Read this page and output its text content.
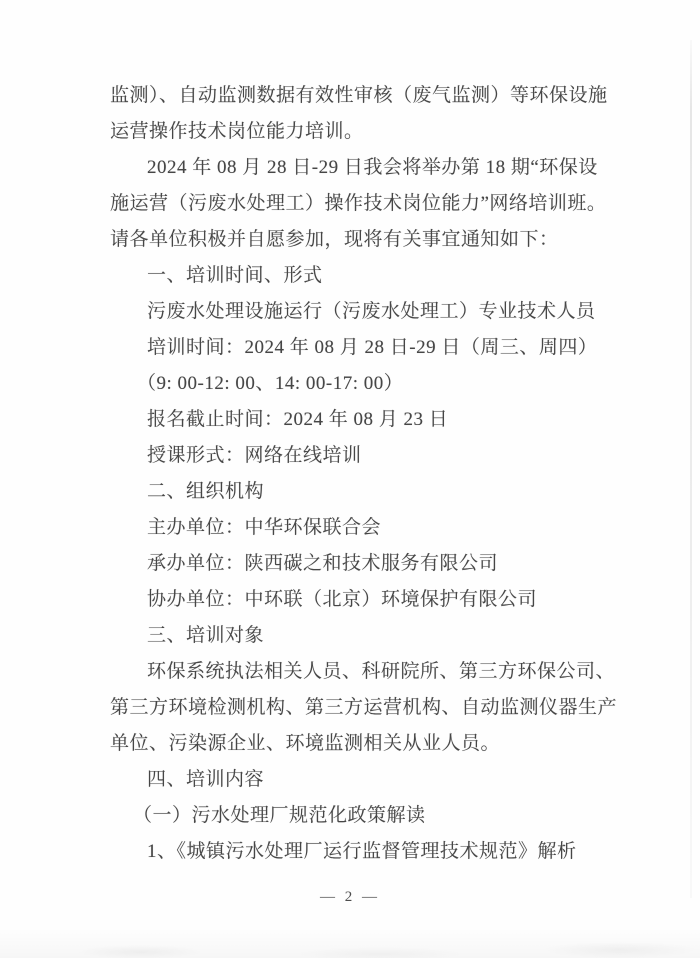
监测）、自动监测数据有效性审核（废气监测）等环保设施
运营操作技术岗位能力培训。
2024 年 08 月 28 日-29 日我会将举办第 18 期“环保设
施运营（污废水处理工）操作技术岗位能力”网络培训班。
请各单位积极并自愿参加，现将有关事宜通知如下：
一、培训时间、形式
污废水处理设施运行（污废水处理工）专业技术人员
培训时间：2024 年 08 月 28 日-29 日（周三、周四）
（9: 00-12: 00、14: 00-17: 00）
报名截止时间：2024 年 08 月 23 日
授课形式：网络在线培训
二、组织机构
主办单位：中华环保联合会
承办单位：陕西碳之和技术服务有限公司
协办单位：中环联（北京）环境保护有限公司
三、培训对象
环保系统执法相关人员、科研院所、第三方环保公司、
第三方环境检测机构、第三方运营机构、自动监测仪器生产
单位、污染源企业、环境监测相关从业人员。
四、培训内容
（一）污水处理厂规范化政策解读
1、《城镇污水处理厂运行监督管理技术规范》解析
— 2 —
